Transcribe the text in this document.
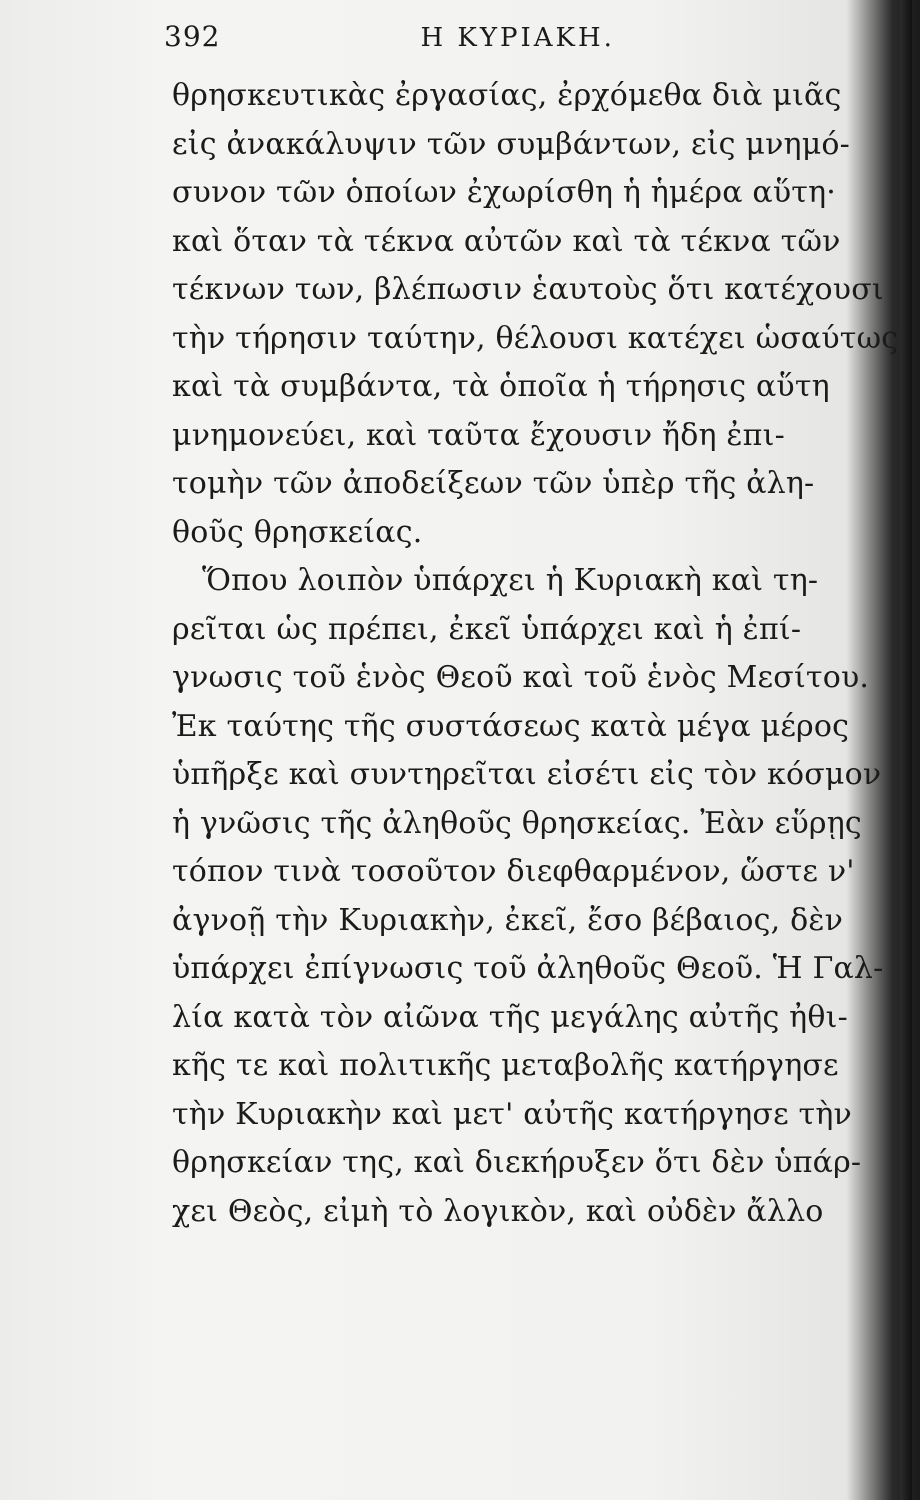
392	Η ΚΥΡΙΑΚΗ.
θρησκευτικὰς ἐργασίας, ἐρχόμεθα διὰ μιᾶς
εἰς ἀνακάλυψιν τῶν συμβάντων, εἰς μνημό-
συνον τῶν ὁποίων ἐχωρίσθη ἡ ἡμέρα αὕτη·
καὶ ὅταν τὰ τέκνα αὐτῶν καὶ τὰ τέκνα τῶν
τέκνων των, βλέπωσιν ἑαυτοὺς ὅτι κατέχουσι
τὴν τήρησιν ταύτην, θέλουσι κατέχει ὡσαύτως
καὶ τὰ συμβάντα, τὰ ὁποῖα ἡ τήρησις αὕτη
μνημονεύει, καὶ ταῦτα ἔχουσιν ἤδη ἐπι-
τομὴν τῶν ἀποδείξεων τῶν ὑπὲρ τῆς ἀλη-
θοῦς θρησκείας.
Ὅπου λοιπὸν ὑπάρχει ἡ Κυριακὴ καὶ τη-
ρεῖται ὡς πρέπει, ἐκεῖ ὑπάρχει καὶ ἡ ἐπί-
γνωσις τοῦ ἑνὸς Θεοῦ καὶ τοῦ ἑνὸς Μεσίτου.
Ἐκ ταύτης τῆς συστάσεως κατὰ μέγα μέρος
ὑπῆρξε καὶ συντηρεῖται εἰσέτι εἰς τὸν κόσμον
ἡ γνῶσις τῆς ἀληθοῦς θρησκείας. Ἐὰν εὕρῃς
τόπον τινὰ τοσοῦτον διεφθαρμένον, ὥστε ν'
ἀγνοῇ τὴν Κυριακὴν, ἐκεῖ, ἔσο βέβαιος, δὲν
ὑπάρχει ἐπίγνωσις τοῦ ἀληθοῦς Θεοῦ. Ἡ Γαλ-
λία κατὰ τὸν αἰῶνα τῆς μεγάλης αὐτῆς ἠθι-
κῆς τε καὶ πολιτικῆς μεταβολῆς κατήργησε
τὴν Κυριακὴν καὶ μετ' αὐτῆς κατήργησε τὴν
θρησκείαν της, καὶ διεκήρυξεν ὅτι δὲν ὑπάρ-
χει Θεὸς, εἰμὴ τὸ λογικὸν, καὶ οὐδὲν ἄλλο
